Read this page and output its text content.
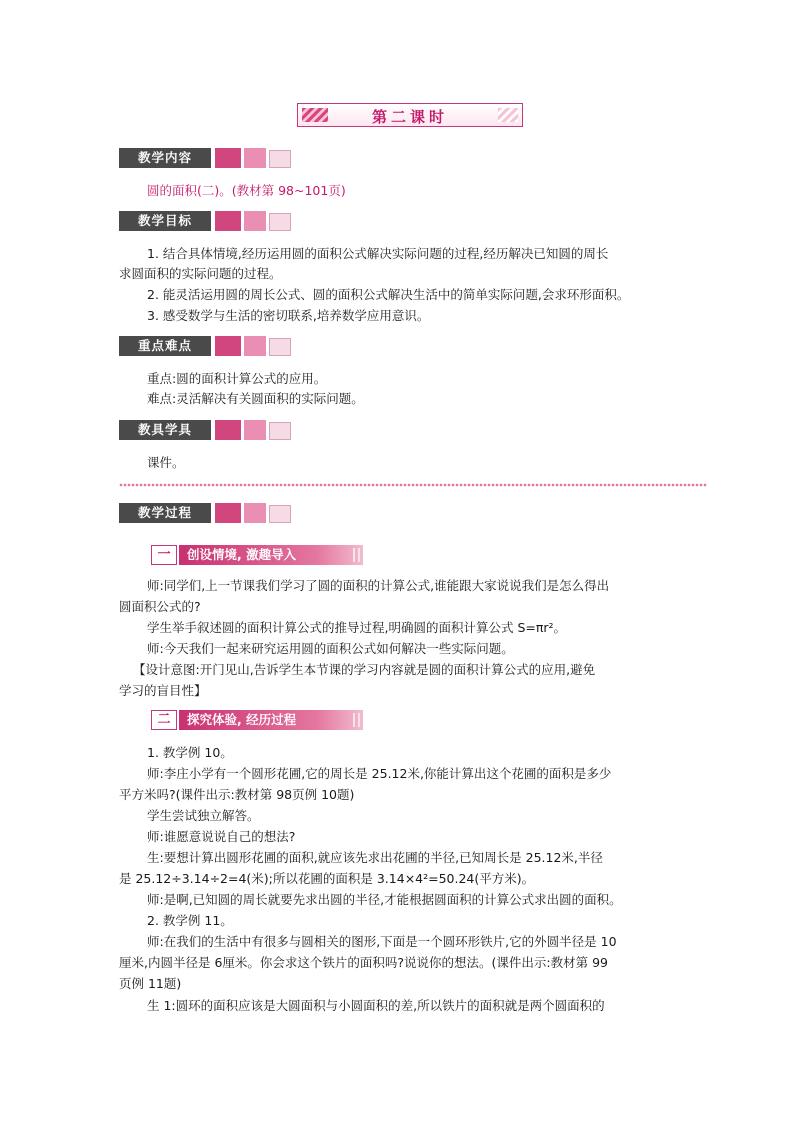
第二课时
教学内容
圆的面积(二)。(教材第 98~101页)
教学目标
1. 结合具体情境,经历运用圆的面积公式解决实际问题的过程,经历解决已知圆的周长
求圆面积的实际问题的过程。
2. 能灵活运用圆的周长公式、圆的面积公式解决生活中的简单实际问题,会求环形面积。
3. 感受数学与生活的密切联系,培养数学应用意识。
重点难点
重点:圆的面积计算公式的应用。
难点:灵活解决有关圆面积的实际问题。
教具学具
课件。
教学过程
一	创设情境, 激趣导入
师:同学们,上一节课我们学习了圆的面积的计算公式,谁能跟大家说说我们是怎么得出
圆面积公式的?
学生举手叙述圆的面积计算公式的推导过程,明确圆的面积计算公式 S=πr²。
师:今天我们一起来研究运用圆的面积公式如何解决一些实际问题。
【设计意图:开门见山,告诉学生本节课的学习内容就是圆的面积计算公式的应用,避免
学习的盲目性】
二	探究体验, 经历过程
1. 教学例 10。
师:李庄小学有一个圆形花圃,它的周长是 25.12米,你能计算出这个花圃的面积是多少
平方米吗?(课件出示:教材第 98页例 10题)
学生尝试独立解答。
师:谁愿意说说自己的想法?
生:要想计算出圆形花圃的面积,就应该先求出花圃的半径,已知周长是 25.12米,半径
是 25.12÷3.14÷2=4(米);所以花圃的面积是 3.14×4²=50.24(平方米)。
师:是啊,已知圆的周长就要先求出圆的半径,才能根据圆面积的计算公式求出圆的面积。
2. 教学例 11。
师:在我们的生活中有很多与圆相关的图形,下面是一个圆环形铁片,它的外圆半径是 10
厘米,内圆半径是 6厘米。你会求这个铁片的面积吗?说说你的想法。(课件出示:教材第 99
页例 11题)
生 1:圆环的面积应该是大圆面积与小圆面积的差,所以铁片的面积就是两个圆面积的
